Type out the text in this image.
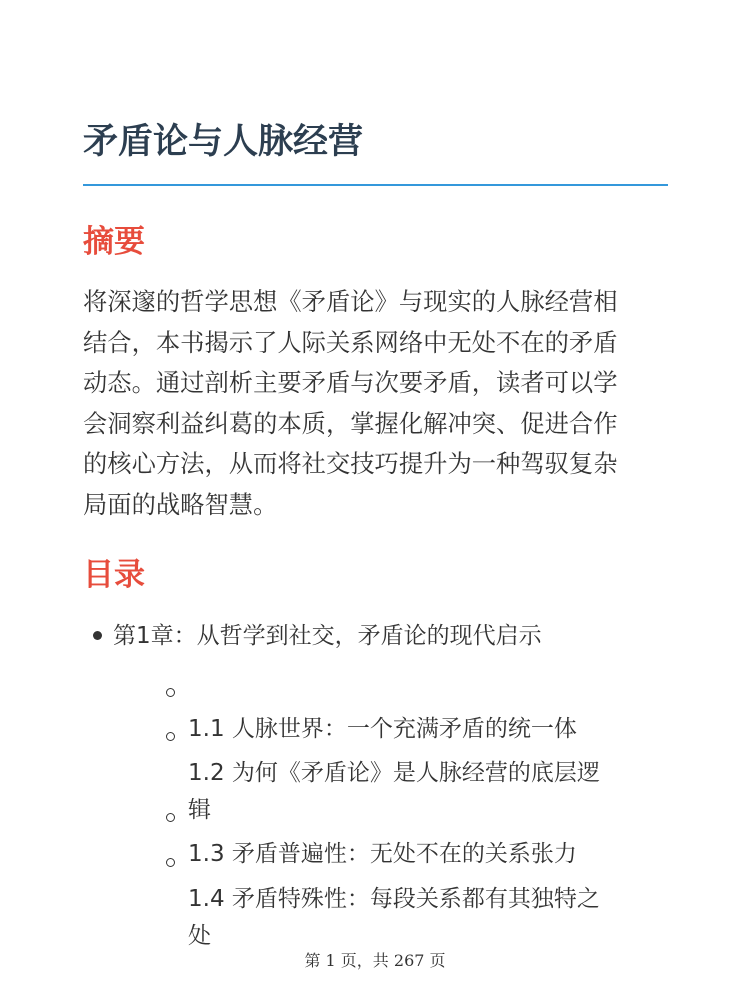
矛盾论与人脉经营
摘要

将深邃的哲学思想《矛盾论》与现实的人脉经营相
结合，本书揭示了人际关系网络中无处不在的矛盾
动态。通过剖析主要矛盾与次要矛盾，读者可以学
会洞察利益纠葛的本质，掌握化解冲突、促进合作
的核心方法，从而将社交技巧提升为一种驾驭复杂
局面的战略智慧。

目录
第1章：从哲学到社交，矛盾论的现代启示

1.1 人脉世界：一个充满矛盾的统一体

1.2 为何《矛盾论》是人脉经营的底层逻
辑

1.3 矛盾普遍性：无处不在的关系张力

1.4 矛盾特殊性：每段关系都有其独特之
处

第 1 页，共 267 页
